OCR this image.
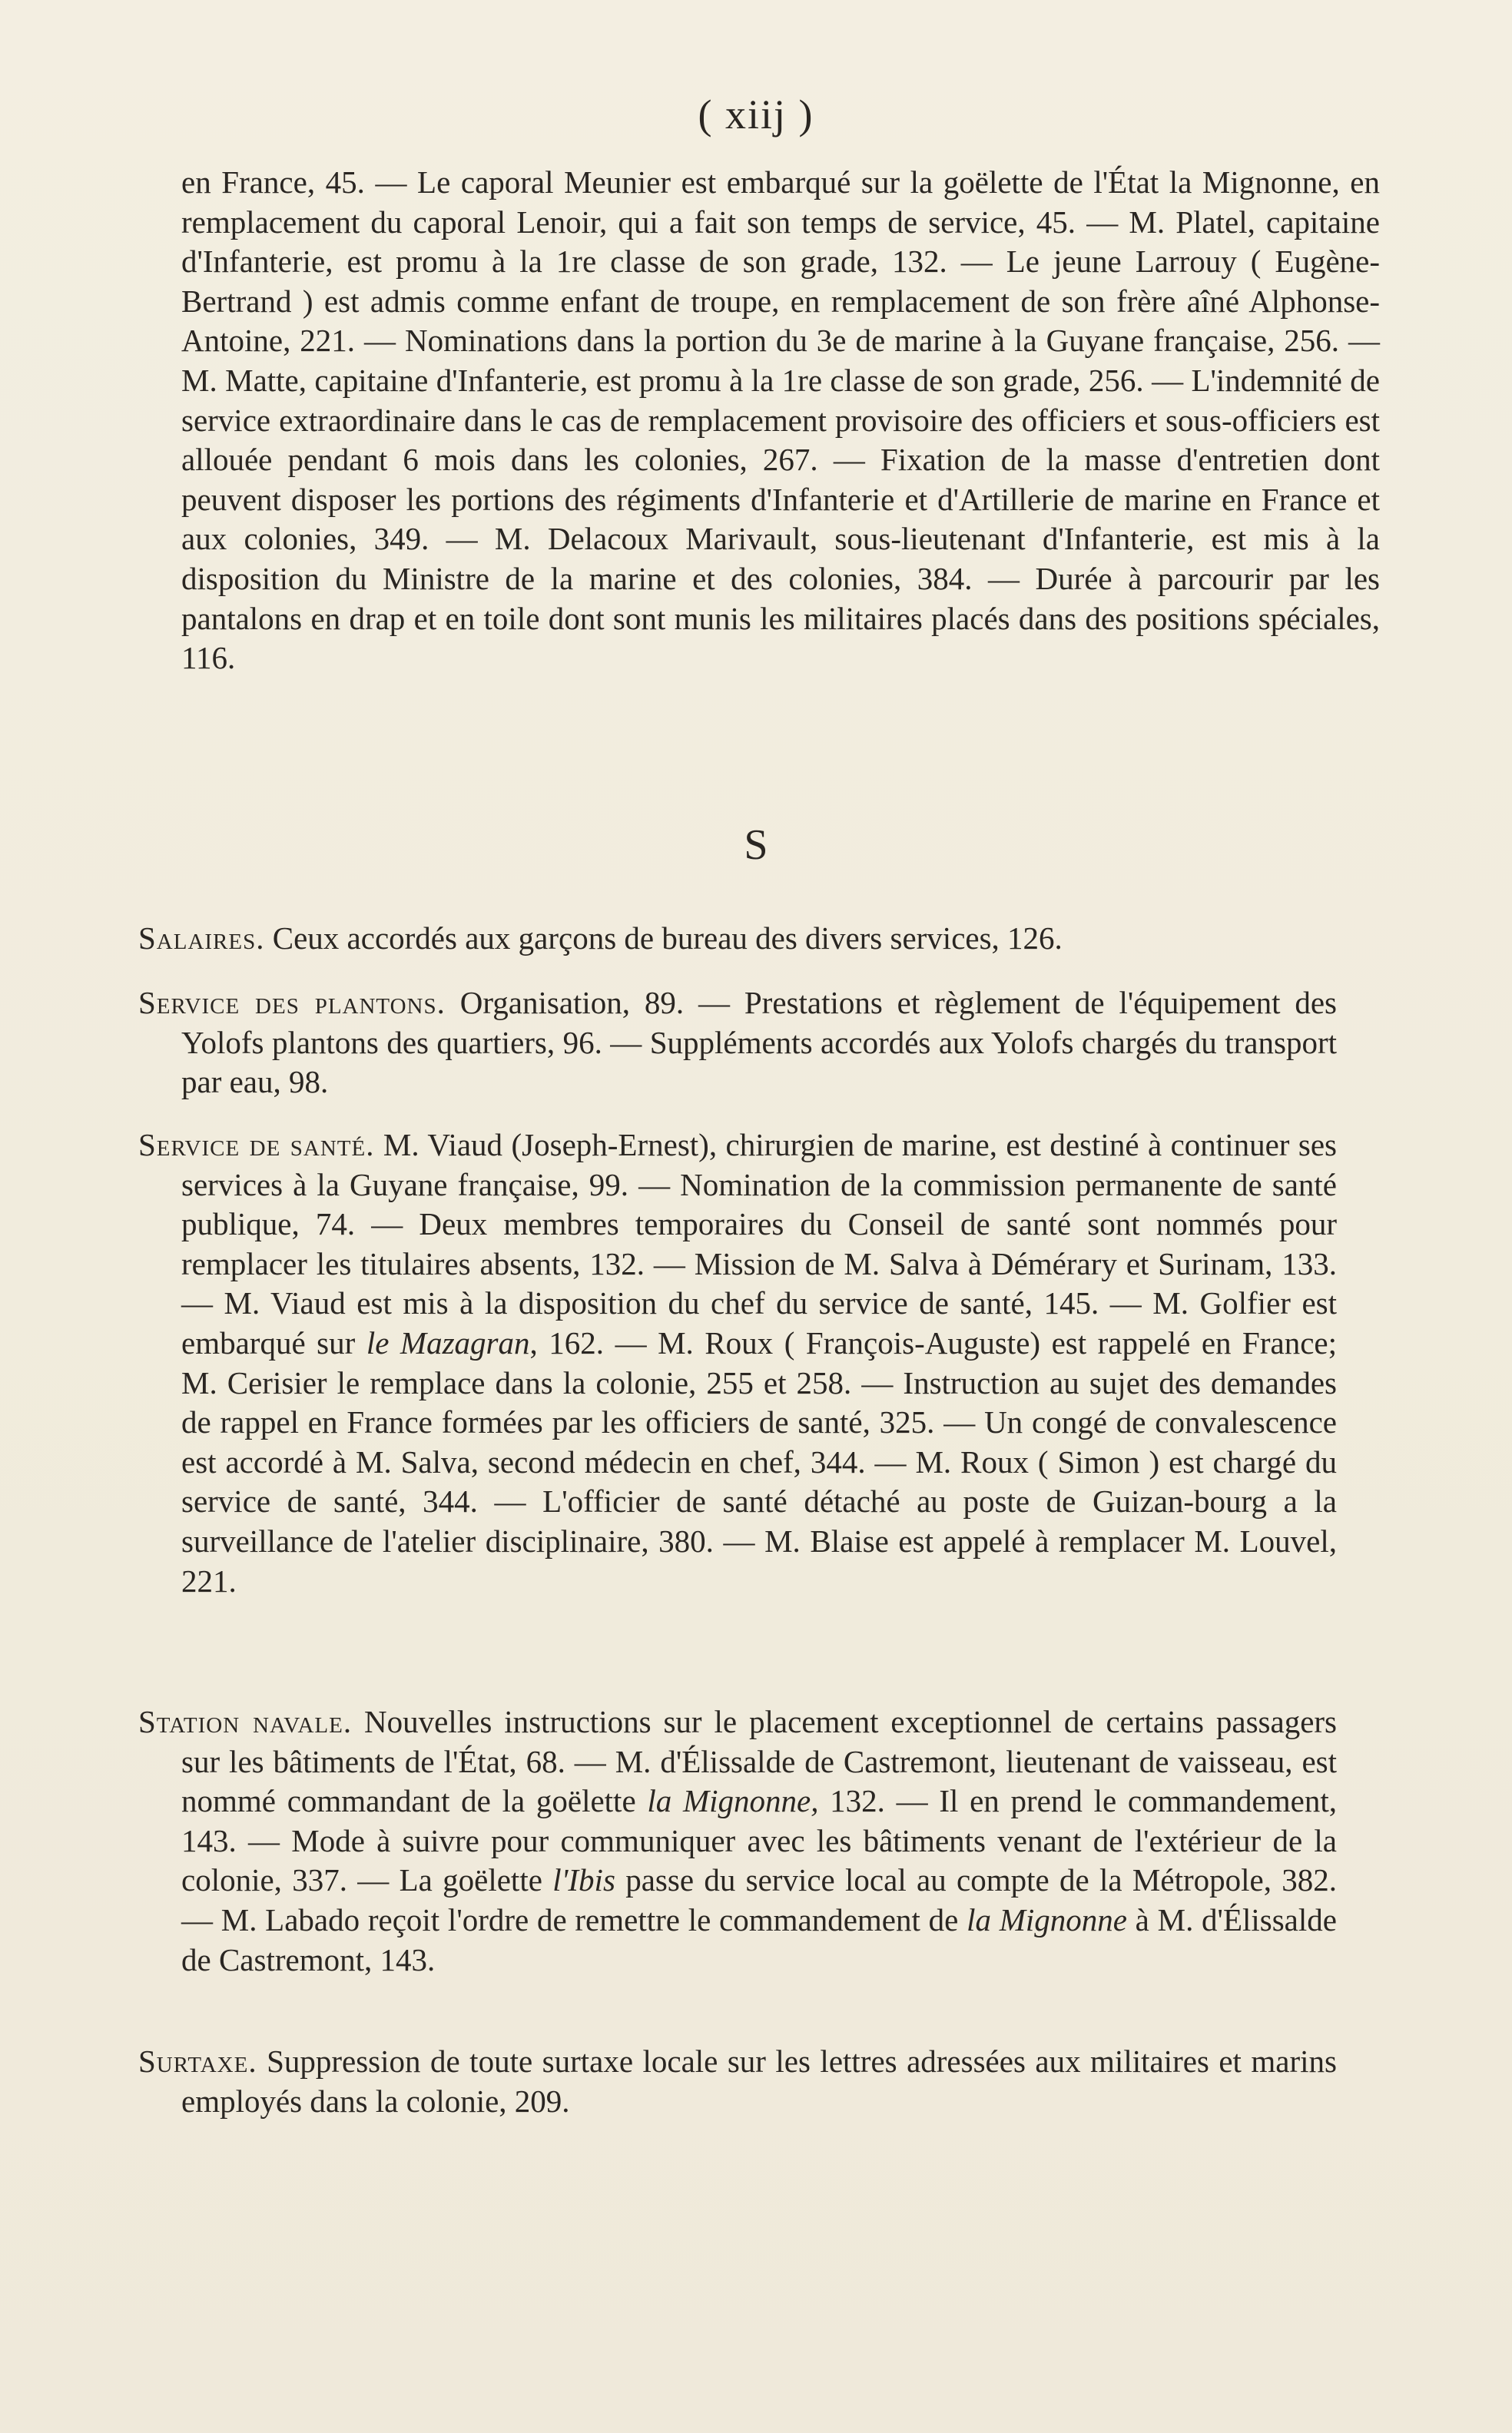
( xiij )
en France, 45. — Le caporal Meunier est embarqué sur la goëlette de l'État la Mignonne, en remplacement du caporal Lenoir, qui a fait son temps de service, 45. — M. Platel, capitaine d'Infanterie, est promu à la 1re classe de son grade, 132. — Le jeune Larrouy ( Eugène-Bertrand ) est admis comme enfant de troupe, en remplacement de son frère aîné Alphonse-Antoine, 221. — Nominations dans la portion du 3e de marine à la Guyane française, 256. — M. Matte, capitaine d'Infanterie, est promu à la 1re classe de son grade, 256. — L'indemnité de service extraordinaire dans le cas de remplacement provisoire des officiers et sous-officiers est allouée pendant 6 mois dans les colonies, 267. — Fixation de la masse d'entretien dont peuvent disposer les portions des régiments d'Infanterie et d'Artillerie de marine en France et aux colonies, 349. — M. Delacoux Marivault, sous-lieutenant d'Infanterie, est mis à la disposition du Ministre de la marine et des colonies, 384. — Durée à parcourir par les pantalons en drap et en toile dont sont munis les militaires placés dans des positions spéciales, 116.
S
Salaires. Ceux accordés aux garçons de bureau des divers services, 126.
Service des plantons. Organisation, 89. — Prestations et règlement de l'équipement des Yolofs plantons des quartiers, 96. — Suppléments accordés aux Yolofs chargés du transport par eau, 98.
Service de santé. M. Viaud (Joseph-Ernest), chirurgien de marine, est destiné à continuer ses services à la Guyane française, 99. — Nomination de la commission permanente de santé publique, 74. — Deux membres temporaires du Conseil de santé sont nommés pour remplacer les titulaires absents, 132. — Mission de M. Salva à Démérary et Surinam, 133. — M. Viaud est mis à la disposition du chef du service de santé, 145. — M. Golfier est embarqué sur le Mazagran, 162. — M. Roux ( François-Auguste) est rappelé en France; M. Cerisier le remplace dans la colonie, 255 et 258. — Instruction au sujet des demandes de rappel en France formées par les officiers de santé, 325. — Un congé de convalescence est accordé à M. Salva, second médecin en chef, 344. — M. Roux ( Simon ) est chargé du service de santé, 344. — L'officier de santé détaché au poste de Guizan-bourg a la surveillance de l'atelier disciplinaire, 380. — M. Blaise est appelé à remplacer M. Louvel, 221.
Station navale. Nouvelles instructions sur le placement exceptionnel de certains passagers sur les bâtiments de l'État, 68. — M. d'Élissalde de Castremont, lieutenant de vaisseau, est nommé commandant de la goëlette la Mignonne, 132. — Il en prend le commandement, 143. — Mode à suivre pour communiquer avec les bâtiments venant de l'extérieur de la colonie, 337. — La goëlette l'Ibis passe du service local au compte de la Métropole, 382. — M. Labado reçoit l'ordre de remettre le commandement de la Mignonne à M. d'Élissalde de Castremont, 143.
Surtaxe. Suppression de toute surtaxe locale sur les lettres adressées aux militaires et marins employés dans la colonie, 209.
